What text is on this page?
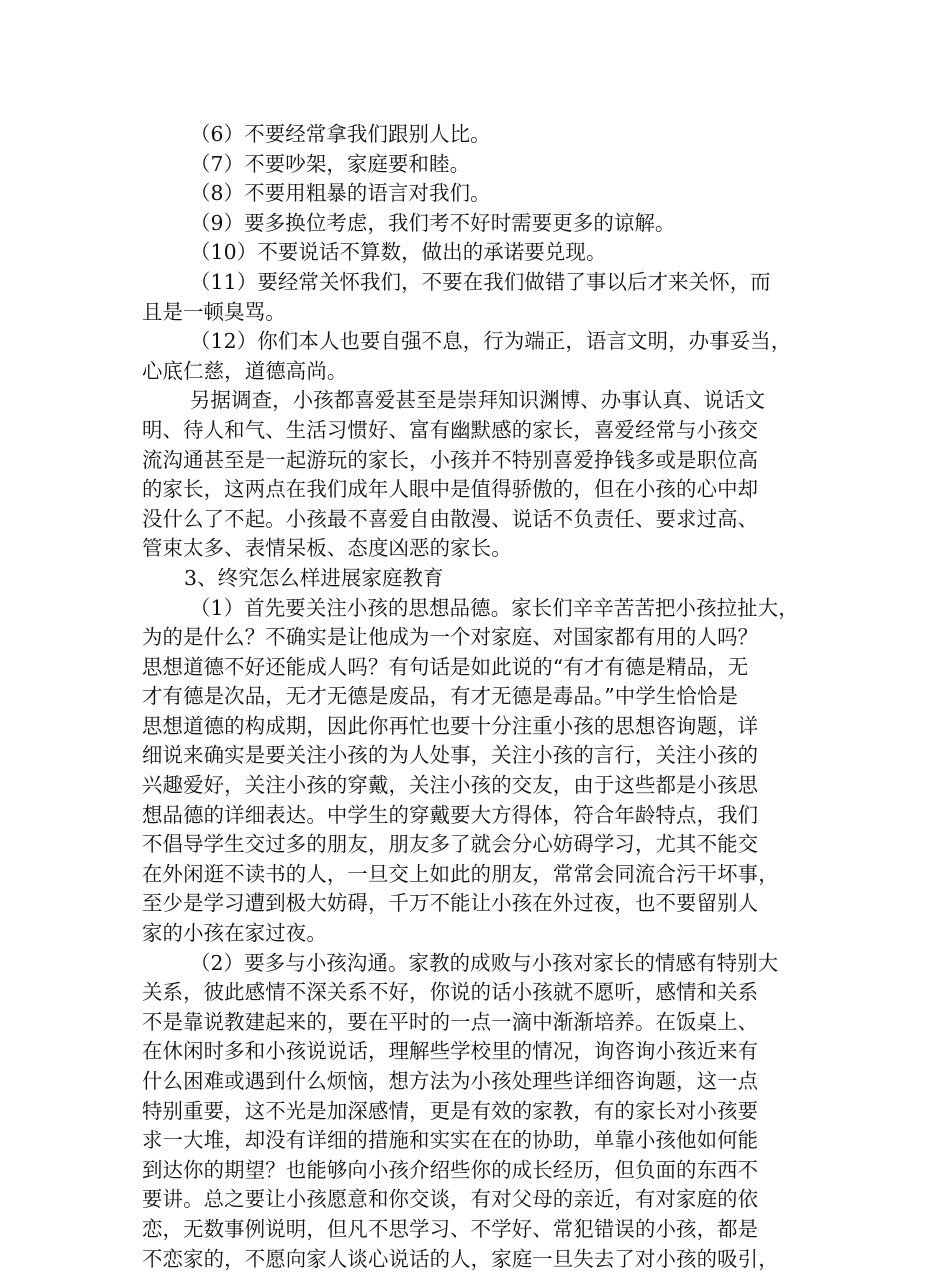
（6）不要经常拿我们跟别人比。
（7）不要吵架，家庭要和睦。
（8）不要用粗暴的语言对我们。
（9）要多换位考虑，我们考不好时需要更多的谅解。
（10）不要说话不算数，做出的承诺要兑现。
（11）要经常关怀我们，不要在我们做错了事以后才来关怀，而
且是一顿臭骂。
（12）你们本人也要自强不息，行为端正，语言文明，办事妥当，
心底仁慈，道德高尚。
另据调查，小孩都喜爱甚至是崇拜知识渊博、办事认真、说话文
明、待人和气、生活习惯好、富有幽默感的家长，喜爱经常与小孩交
流沟通甚至是一起游玩的家长，小孩并不特别喜爱挣钱多或是职位高
的家长，这两点在我们成年人眼中是值得骄傲的，但在小孩的心中却
没什么了不起。小孩最不喜爱自由散漫、说话不负责任、要求过高、
管束太多、表情呆板、态度凶恶的家长。
3、终究怎么样进展家庭教育
（1）首先要关注小孩的思想品德。家长们辛辛苦苦把小孩拉扯大，
为的是什么？不确实是让他成为一个对家庭、对国家都有用的人吗？
思想道德不好还能成人吗？有句话是如此说的“有才有德是精品，无
才有德是次品，无才无德是废品，有才无德是毒品。”中学生恰恰是
思想道德的构成期，因此你再忙也要十分注重小孩的思想咨询题，详
细说来确实是要关注小孩的为人处事，关注小孩的言行，关注小孩的
兴趣爱好，关注小孩的穿戴，关注小孩的交友，由于这些都是小孩思
想品德的详细表达。中学生的穿戴要大方得体，符合年龄特点，我们
不倡导学生交过多的朋友，朋友多了就会分心妨碍学习，尤其不能交
在外闲逛不读书的人，一旦交上如此的朋友，常常会同流合污干坏事，
至少是学习遭到极大妨碍，千万不能让小孩在外过夜，也不要留别人
家的小孩在家过夜。
（2）要多与小孩沟通。家教的成败与小孩对家长的情感有特别大
关系，彼此感情不深关系不好，你说的话小孩就不愿听，感情和关系
不是靠说教建起来的，要在平时的一点一滴中渐渐培养。在饭桌上、
在休闲时多和小孩说说话，理解些学校里的情况，询咨询小孩近来有
什么困难或遇到什么烦恼，想方法为小孩处理些详细咨询题，这一点
特别重要，这不光是加深感情，更是有效的家教，有的家长对小孩要
求一大堆，却没有详细的措施和实实在在的协助，单靠小孩他如何能
到达你的期望？也能够向小孩介绍些你的成长经历，但负面的东西不
要讲。总之要让小孩愿意和你交谈，有对父母的亲近，有对家庭的依
恋，无数事例说明，但凡不思学习、不学好、常犯错误的小孩，都是
不恋家的，不愿向家人谈心说话的人，家庭一旦失去了对小孩的吸引，
